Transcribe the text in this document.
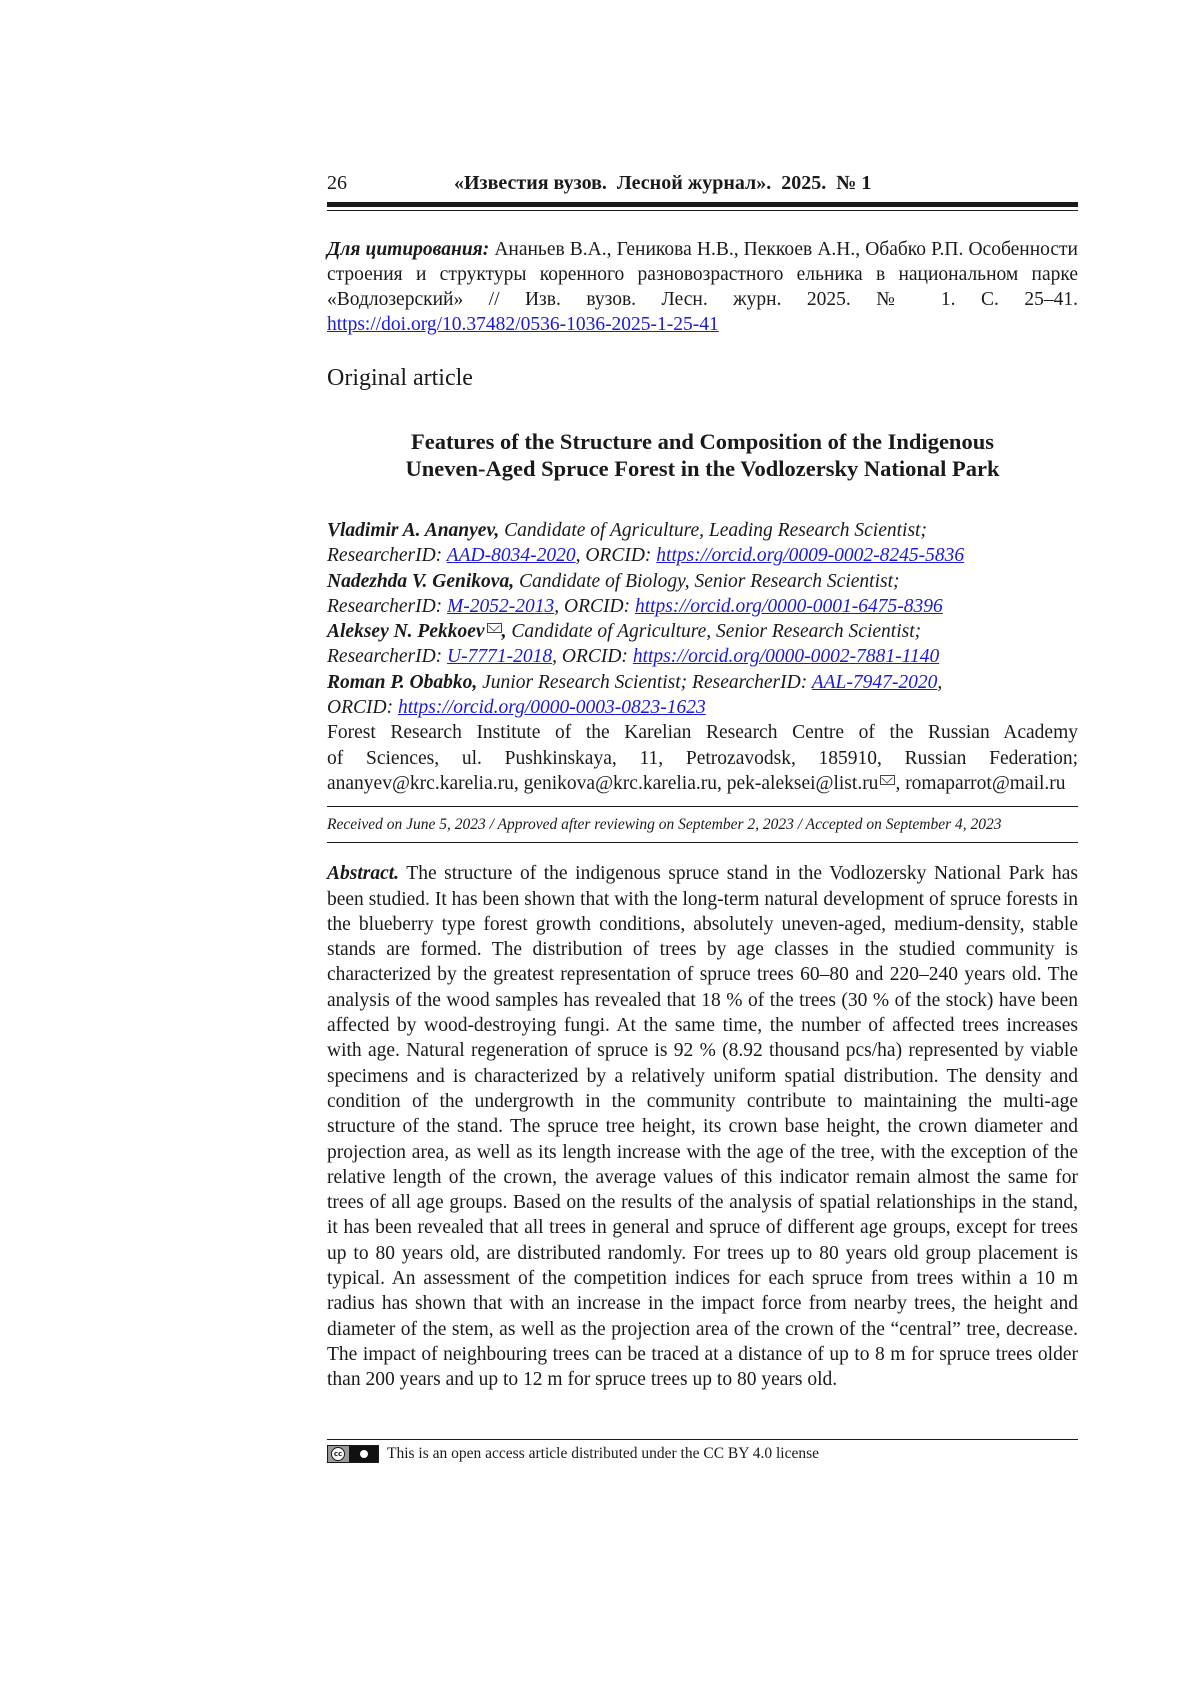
26	«Известия вузов.  Лесной журнал».  2025.  № 1
Для цитирования: Ананьев В.А., Геникова Н.В., Пеккоев А.Н., Обабко Р.П. Особенности строения и структуры коренного разновозрастного ельника в национальном парке «Водлозерский» // Изв. вузов. Лесн. журн. 2025. № 1. С. 25–41. https://doi.org/10.37482/0536-1036-2025-1-25-41
Original article
Features of the Structure and Composition of the Indigenous
Uneven-Aged Spruce Forest in the Vodlozersky National Park
Vladimir A. Ananyev, Candidate of Agriculture, Leading Research Scientist;
ResearcherID: AAD-8034-2020, ORCID: https://orcid.org/0009-0002-8245-5836
Nadezhda V. Genikova, Candidate of Biology, Senior Research Scientist;
ResearcherID: M-2052-2013, ORCID: https://orcid.org/0000-0001-6475-8396
Aleksey N. Pekkoev , Candidate of Agriculture, Senior Research Scientist;
ResearcherID: U-7771-2018, ORCID: https://orcid.org/0000-0002-7881-1140
Roman P. Obabko, Junior Research Scientist; ResearcherID: AAL-7947-2020,
ORCID: https://orcid.org/0000-0003-0823-1623
Forest Research Institute of the Karelian Research Centre of the Russian Academy
of Sciences, ul. Pushkinskaya, 11, Petrozavodsk, 185910, Russian Federation;
ananyev@krc.karelia.ru, genikova@krc.karelia.ru, pek-aleksei@list.ru , romaparrot@mail.ru
Received on June 5, 2023 / Approved after reviewing on September 2, 2023 / Accepted on September 4, 2023
Abstract. The structure of the indigenous spruce stand in the Vodlozersky National Park has been studied. It has been shown that with the long-term natural development of spruce forests in the blueberry type forest growth conditions, absolutely uneven-aged, medium-density, stable stands are formed. The distribution of trees by age classes in the studied community is characterized by the greatest representation of spruce trees 60–80 and 220–240 years old. The analysis of the wood samples has revealed that 18 % of the trees (30 % of the stock) have been affected by wood-destroying fungi. At the same time, the number of affected trees increases with age. Natural regeneration of spruce is 92 % (8.92 thousand pcs/ha) represented by viable specimens and is characterized by a relatively uniform spatial distribution. The density and condition of the undergrowth in the community contribute to maintaining the multi-age structure of the stand. The spruce tree height, its crown base height, the crown diameter and projection area, as well as its length increase with the age of the tree, with the exception of the relative length of the crown, the average values of this indicator remain almost the same for trees of all age groups. Based on the results of the analysis of spatial relationships in the stand, it has been revealed that all trees in general and spruce of different age groups, except for trees up to 80 years old, are distributed randomly. For trees up to 80 years old group placement is typical. An assessment of the competition indices for each spruce from trees within a 10 m radius has shown that with an increase in the impact force from nearby trees, the height and diameter of the stem, as well as the projection area of the crown of the “central” tree, decrease. The impact of neighbouring trees can be traced at a distance of up to 8 m for spruce trees older than 200 years and up to 12 m for spruce trees up to 80 years old.
cc	This is an open access article distributed under the CC BY 4.0 license
